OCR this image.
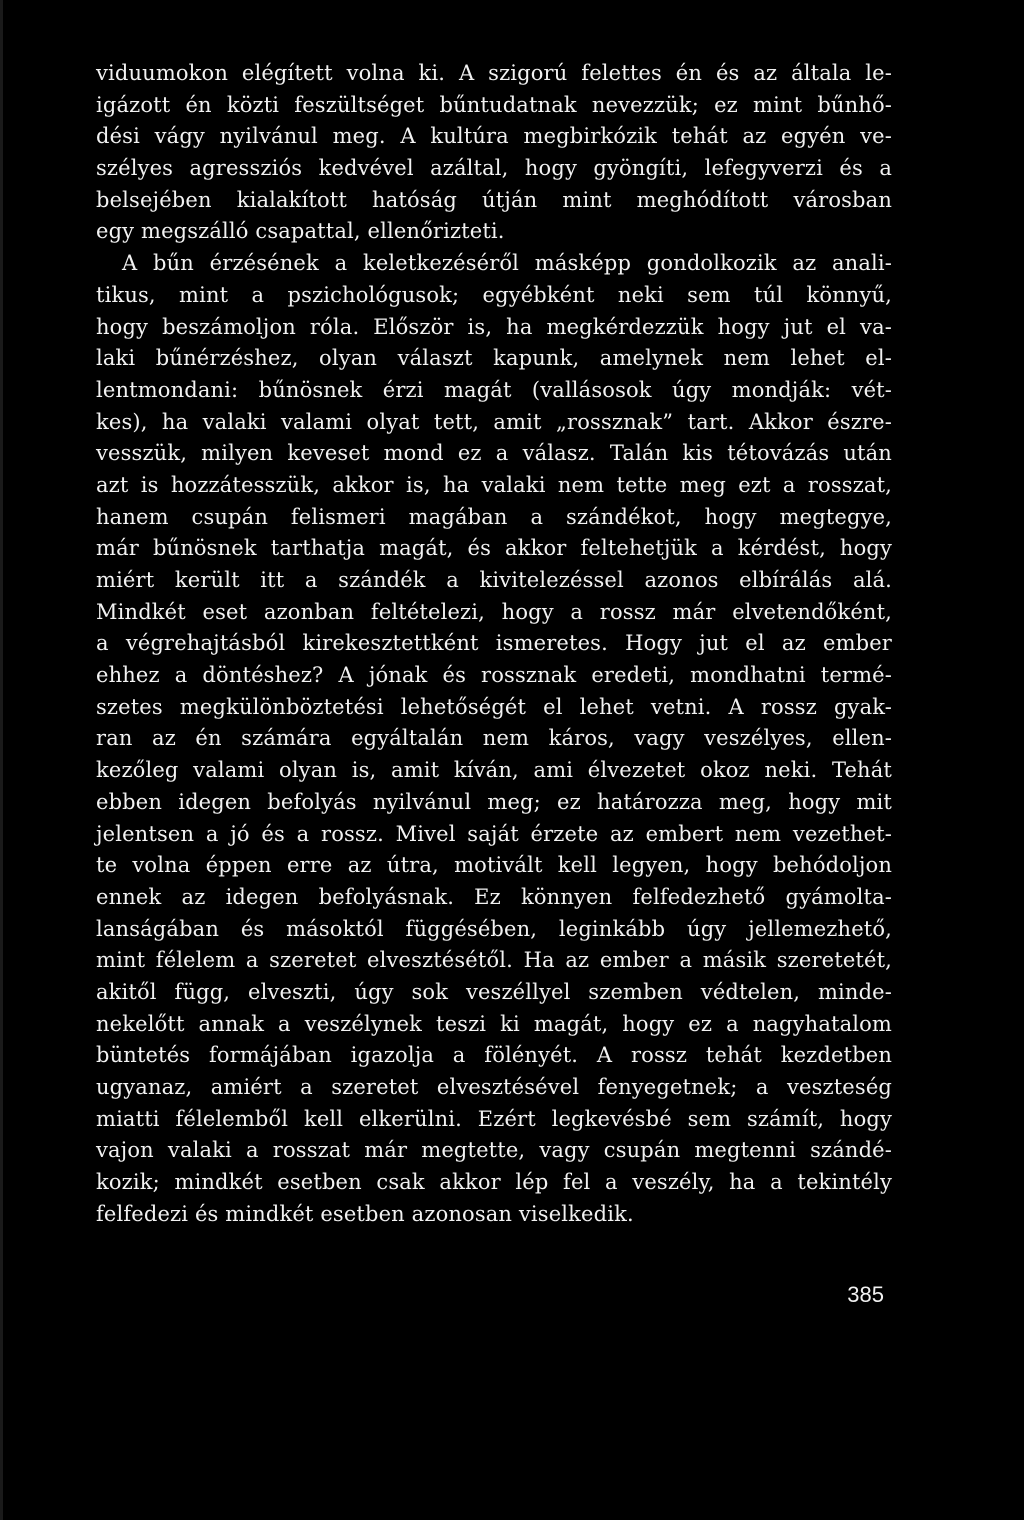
viduumokon elégített volna ki. A szigorú felettes én és az általa le-
igázott én közti feszültséget bűntudatnak nevezzük; ez mint bűnhő-
dési vágy nyilvánul meg. A kultúra megbirkózik tehát az egyén ve-
szélyes agressziós kedvével azáltal, hogy gyöngíti, lefegyverzi és a
belsejében kialakított hatóság útján mint meghódított városban
egy megszálló csapattal, ellenőrizteti.
A bűn érzésének a keletkezéséről másképp gondolkozik az anali-
tikus, mint a pszichológusok; egyébként neki sem túl könnyű,
hogy beszámoljon róla. Először is, ha megkérdezzük hogy jut el va-
laki bűnérzéshez, olyan választ kapunk, amelynek nem lehet el-
lentmondani: bűnösnek érzi magát (vallásosok úgy mondják: vét-
kes), ha valaki valami olyat tett, amit „rossznak” tart. Akkor észre-
vesszük, milyen keveset mond ez a válasz. Talán kis tétovázás után
azt is hozzátesszük, akkor is, ha valaki nem tette meg ezt a rosszat,
hanem csupán felismeri magában a szándékot, hogy megtegye,
már bűnösnek tarthatja magát, és akkor feltehetjük a kérdést, hogy
miért került itt a szándék a kivitelezéssel azonos elbírálás alá.
Mindkét eset azonban feltételezi, hogy a rossz már elvetendőként,
a végrehajtásból kirekesztettként ismeretes. Hogy jut el az ember
ehhez a döntéshez? A jónak és rossznak eredeti, mondhatni termé-
szetes megkülönböztetési lehetőségét el lehet vetni. A rossz gyak-
ran az én számára egyáltalán nem káros, vagy veszélyes, ellen-
kezőleg valami olyan is, amit kíván, ami élvezetet okoz neki. Tehát
ebben idegen befolyás nyilvánul meg; ez határozza meg, hogy mit
jelentsen a jó és a rossz. Mivel saját érzete az embert nem vezethet-
te volna éppen erre az útra, motivált kell legyen, hogy behódoljon
ennek az idegen befolyásnak. Ez könnyen felfedezhető gyámolta-
lanságában és másoktól függésében, leginkább úgy jellemezhető,
mint félelem a szeretet elvesztésétől. Ha az ember a másik szeretetét,
akitől függ, elveszti, úgy sok veszéllyel szemben védtelen, minde-
nekelőtt annak a veszélynek teszi ki magát, hogy ez a nagyhatalom
büntetés formájában igazolja a fölényét. A rossz tehát kezdetben
ugyanaz, amiért a szeretet elvesztésével fenyegetnek; a veszteség
miatti félelemből kell elkerülni. Ezért legkevésbé sem számít, hogy
vajon valaki a rosszat már megtette, vagy csupán megtenni szándé-
kozik; mindkét esetben csak akkor lép fel a veszély, ha a tekintély
felfedezi és mindkét esetben azonosan viselkedik.
385
